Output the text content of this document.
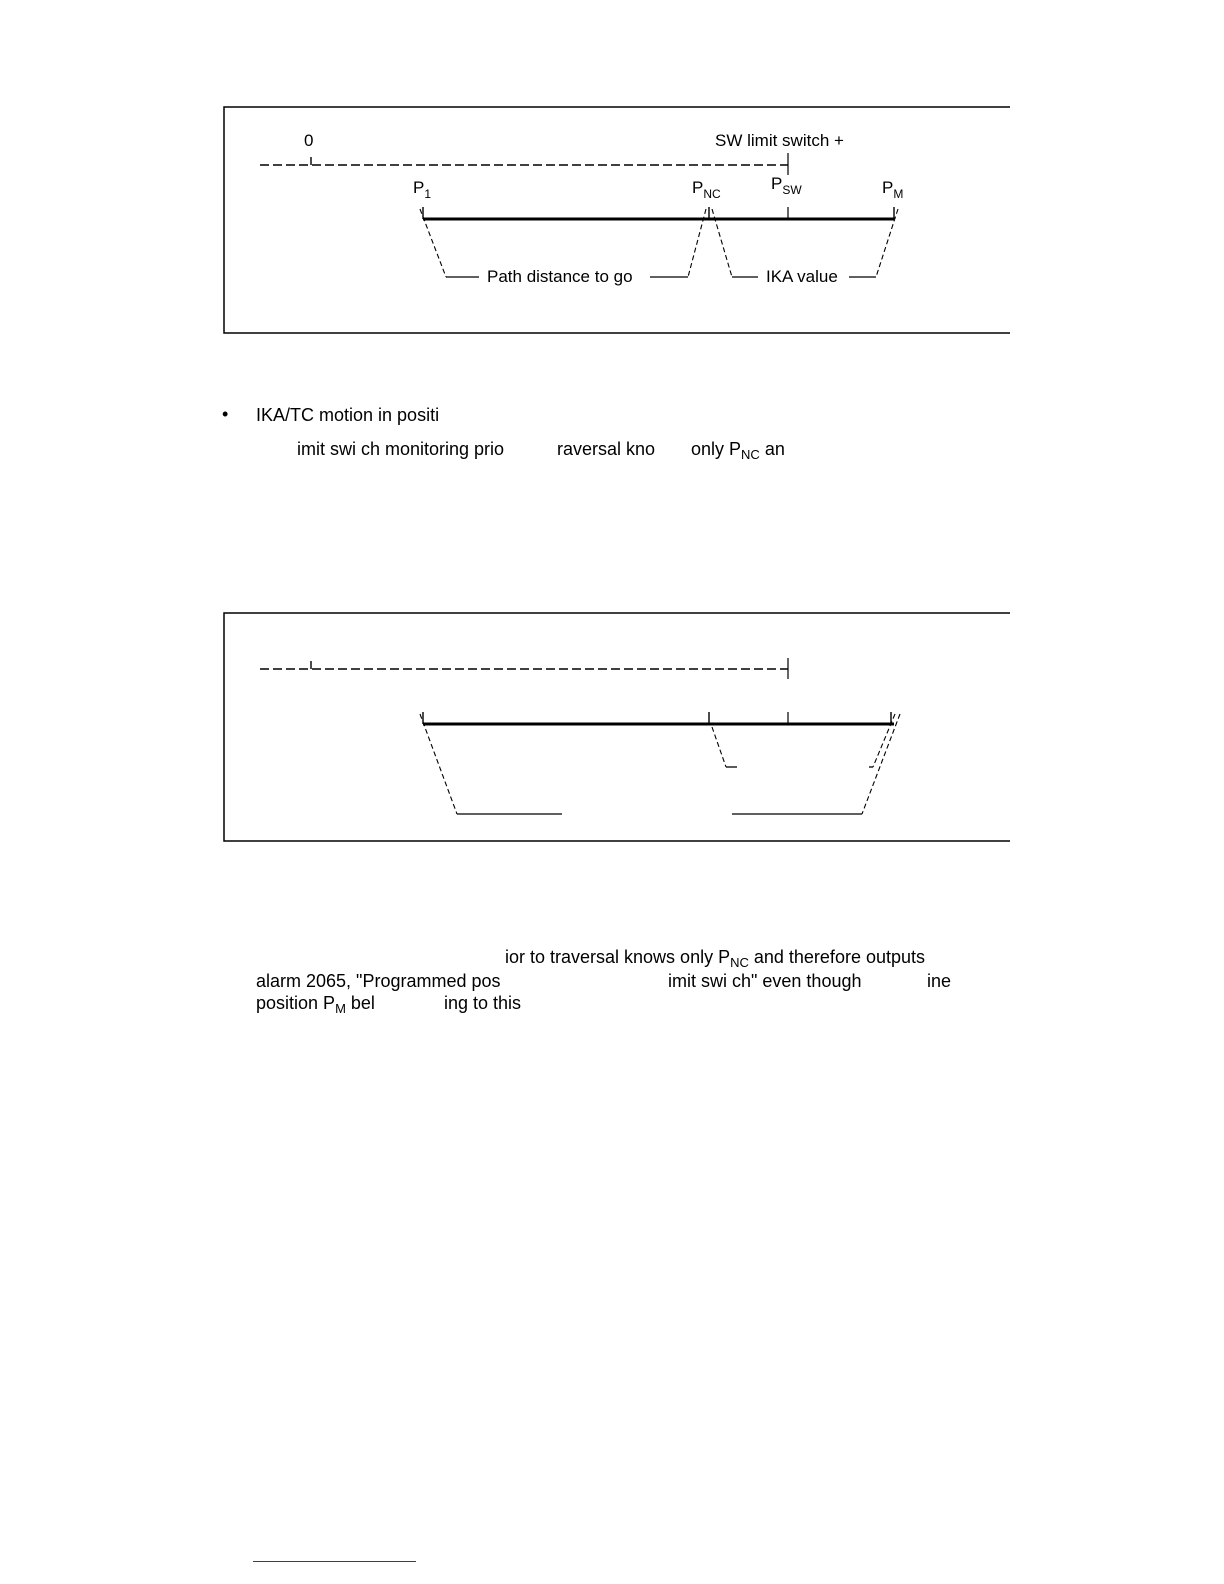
0	SW limit switch +
$P_1$	$P_{NC}$
$P_{SW}$	$P_M$
Path distance to go	IKA value
• IKA/TC motion in positi
imit swi ch monitoring prio	raversal kno only $P_{NC}$ an
ior to traversal knows only $P_{NC}$ and therefore outputs
alarm 2065, "Programmed pos	imit swi ch" even though	ine
position $P_M$ bel	ing to this
